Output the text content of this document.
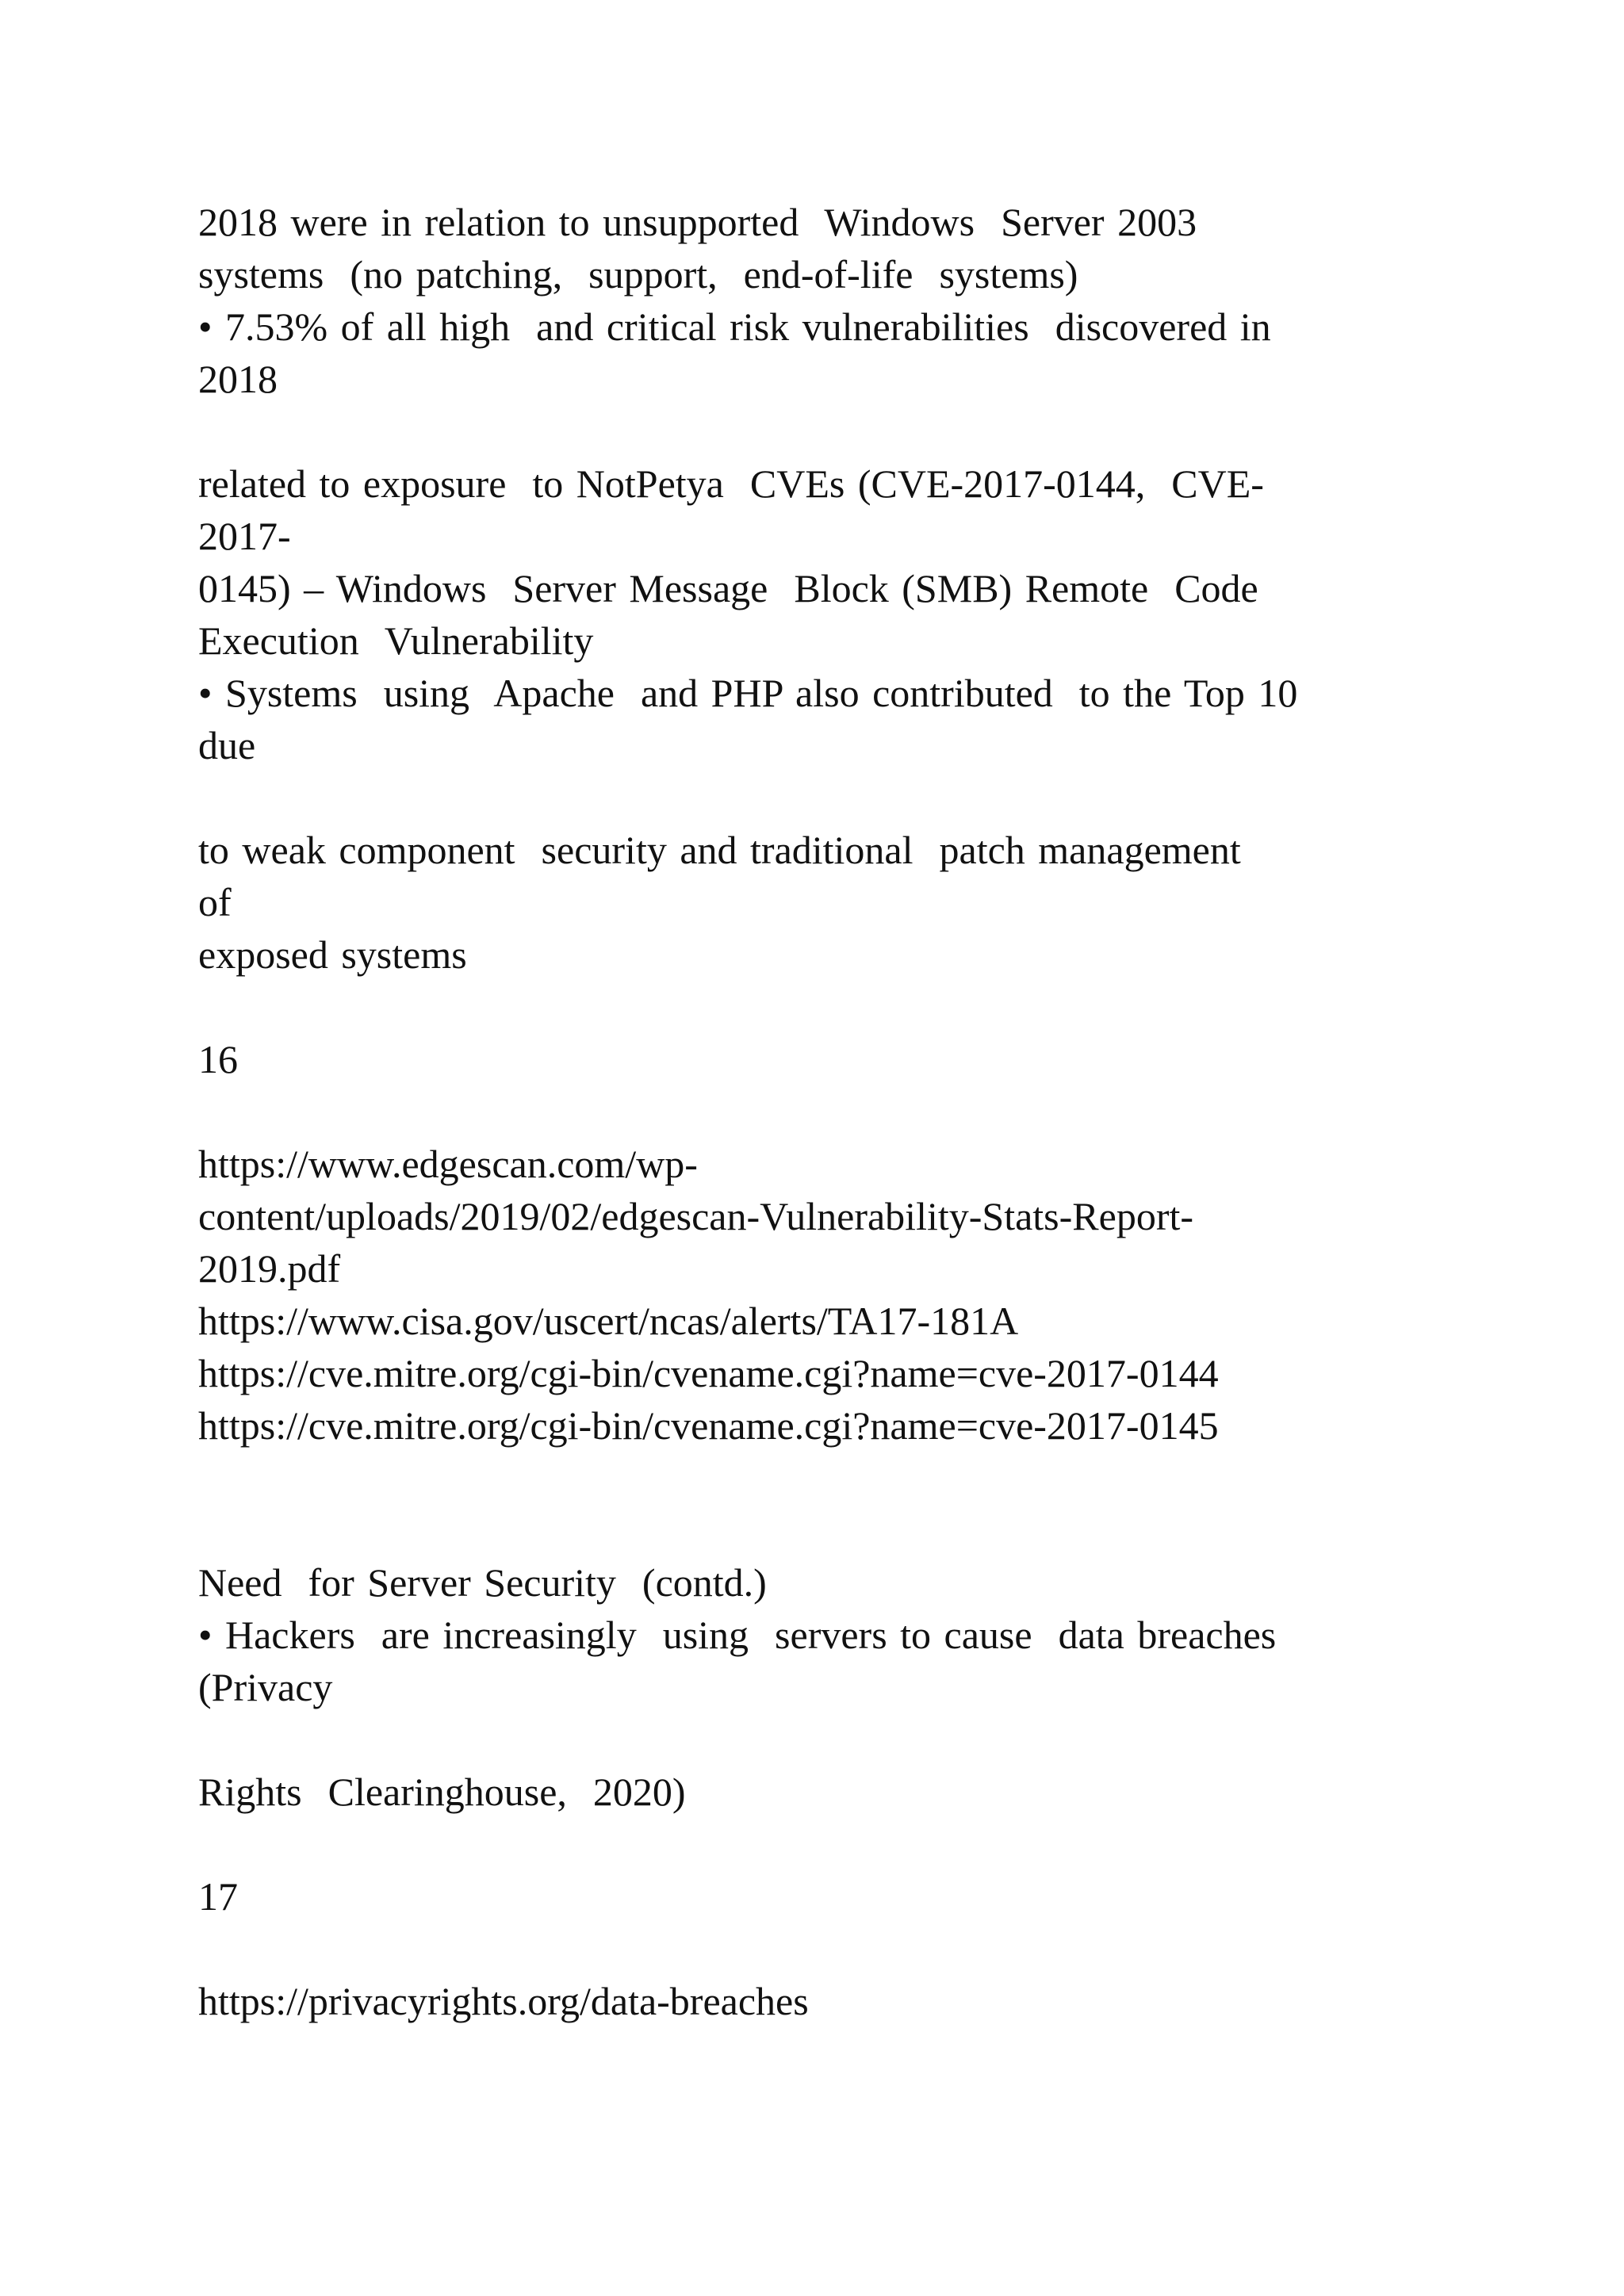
2018 were in relation to unsupported  Windows  Server 2003

systems  (no patching,  support,  end-of-life  systems)

• 7.53% of all high  and critical risk vulnerabilities  discovered in

2018

related to exposure  to NotPetya  CVEs (CVE-2017-0144,  CVE-

2017-

0145) – Windows  Server Message  Block (SMB) Remote  Code

Execution  Vulnerability

• Systems  using  Apache  and PHP also contributed  to the Top 10

due

to weak component  security and traditional  patch management

of

exposed systems

16

https://www.edgescan.com/wp-

content/uploads/2019/02/edgescan-Vulnerability-Stats-Report-

2019.pdf

https://www.cisa.gov/uscert/ncas/alerts/TA17-181A

https://cve.mitre.org/cgi-bin/cvename.cgi?name=cve-2017-0144

https://cve.mitre.org/cgi-bin/cvename.cgi?name=cve-2017-0145

Need  for Server Security  (contd.)

• Hackers  are increasingly  using  servers to cause  data breaches

(Privacy

Rights  Clearinghouse,  2020)

17

https://privacyrights.org/data-breaches
